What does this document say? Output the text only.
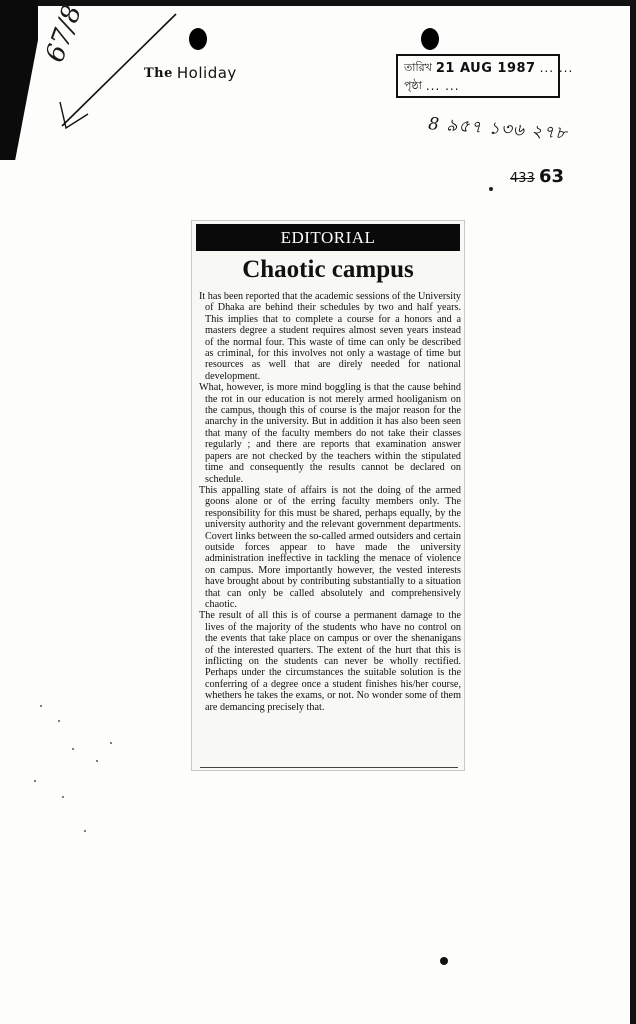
67/8
The Holiday	তারিখ 21 AUG 1987 ... ...
পৃষ্ঠা ... ...
8 ৯৫৭ ১৩৬ ২৭৮
433 63
EDITORIAL
Chaotic campus

It has been reported that the academic sessions of the University of Dhaka are behind their schedules by two and half years. This implies that to complete a course for a honors and a masters degree a student requires almost seven years instead of the normal four. This waste of time can only be described as criminal, for this involves not only a wastage of time but resources as well that are direly needed for national development.

What, however, is more mind boggling is that the cause behind the rot in our education is not merely armed hooliganism on the campus, though this of course is the major reason for the anarchy in the university. But in addition it has also been seen that many of the faculty members do not take their classes regularly ; and there are reports that examination answer papers are not checked by the teachers within the stipulated time and consequently the results cannot be declared on schedule.

This appalling state of affairs is not the doing of the armed goons alone or of the erring faculty members only. The responsibility for this must be shared, perhaps equally, by the university authority and the relevant government departments. Covert links between the so-called armed outsiders and certain outside forces appear to have made the university administration ineffective in tackling the menace of violence on campus. More importantly however, the vested interests have brought about by contributing substantially to a situation that can only be called absolutely and comprehensively chaotic.

The result of all this is of course a permanent damage to the lives of the majority of the students who have no control on the events that take place on campus or over the shenanigans of the interested quarters. The extent of the hurt that this is inflicting on the students can never be wholly rectified. Perhaps under the circumstances the suitable solution is the conferring of a degree once a student finishes his/her course, whethers he takes the exams, or not. No wonder some of them are demancing precisely that.
